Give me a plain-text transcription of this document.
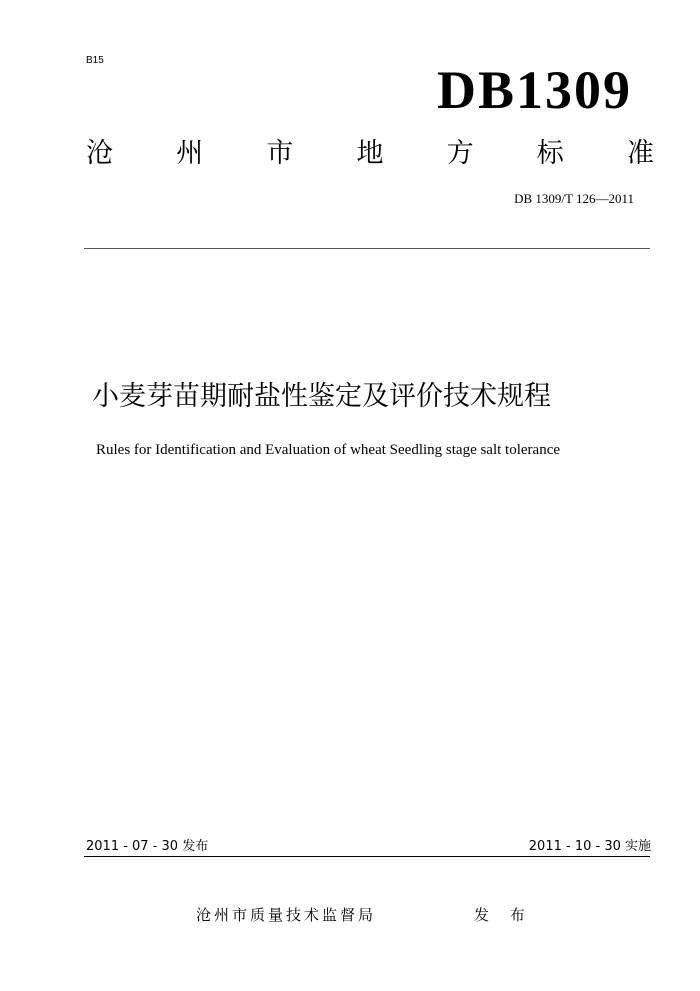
B15	DB1309
沧 州 市 地 方 标 准
DB 1309/T 126—2011
小麦芽苗期耐盐性鉴定及评价技术规程
Rules for Identification and Evaluation of wheat Seedling stage salt tolerance
2011 - 07 - 30 发布	2011 - 10 - 30 实施
沧州市质量技术监督局	发 布
